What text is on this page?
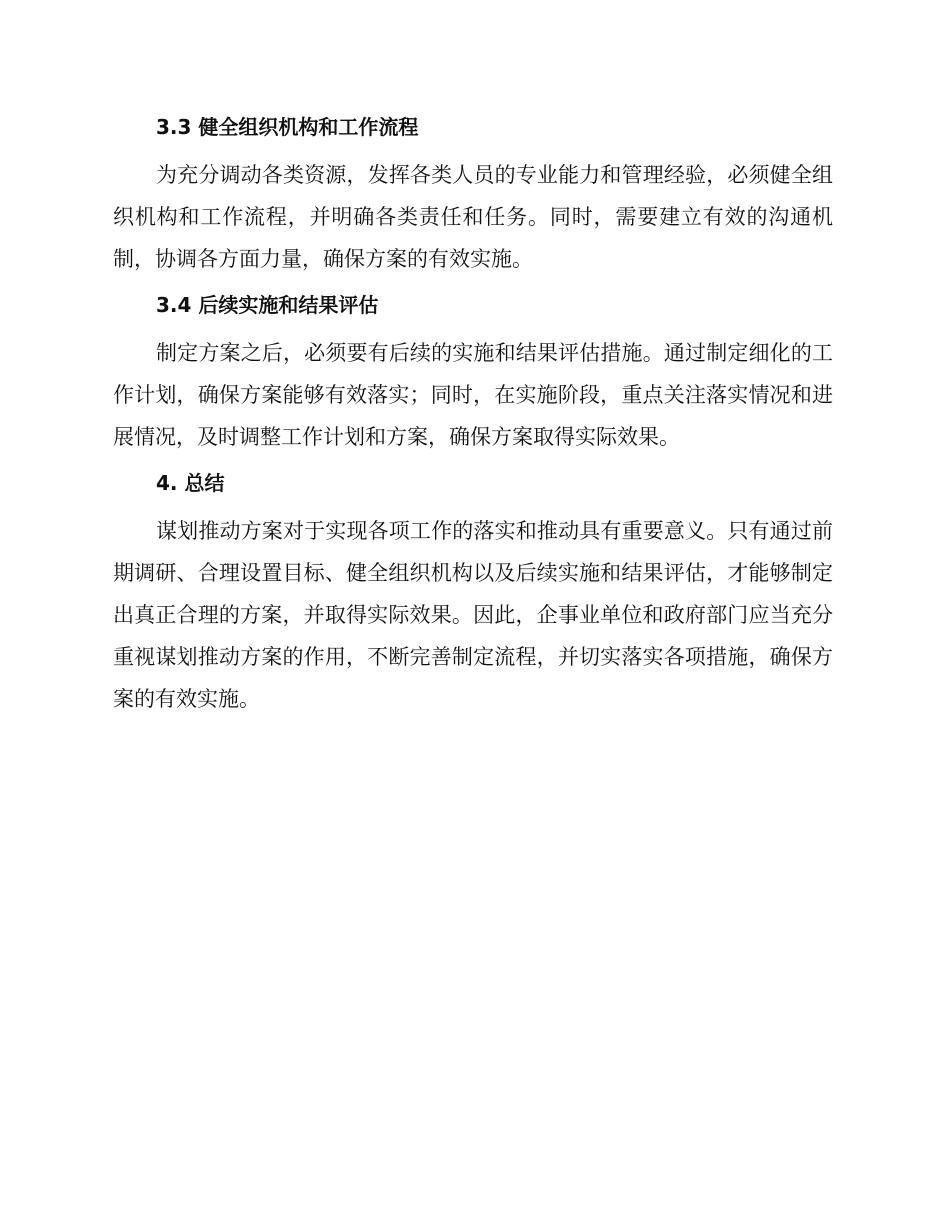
3.3 健全组织机构和工作流程

为充分调动各类资源，发挥各类人员的专业能力和管理经验，必须健全组织机构和工作流程，并明确各类责任和任务。同时，需要建立有效的沟通机制，协调各方面力量，确保方案的有效实施。

3.4 后续实施和结果评估

制定方案之后，必须要有后续的实施和结果评估措施。通过制定细化的工作计划，确保方案能够有效落实；同时，在实施阶段，重点关注落实情况和进展情况，及时调整工作计划和方案，确保方案取得实际效果。

4. 总结

谋划推动方案对于实现各项工作的落实和推动具有重要意义。只有通过前期调研、合理设置目标、健全组织机构以及后续实施和结果评估，才能够制定出真正合理的方案，并取得实际效果。因此，企事业单位和政府部门应当充分重视谋划推动方案的作用，不断完善制定流程，并切实落实各项措施，确保方案的有效实施。
